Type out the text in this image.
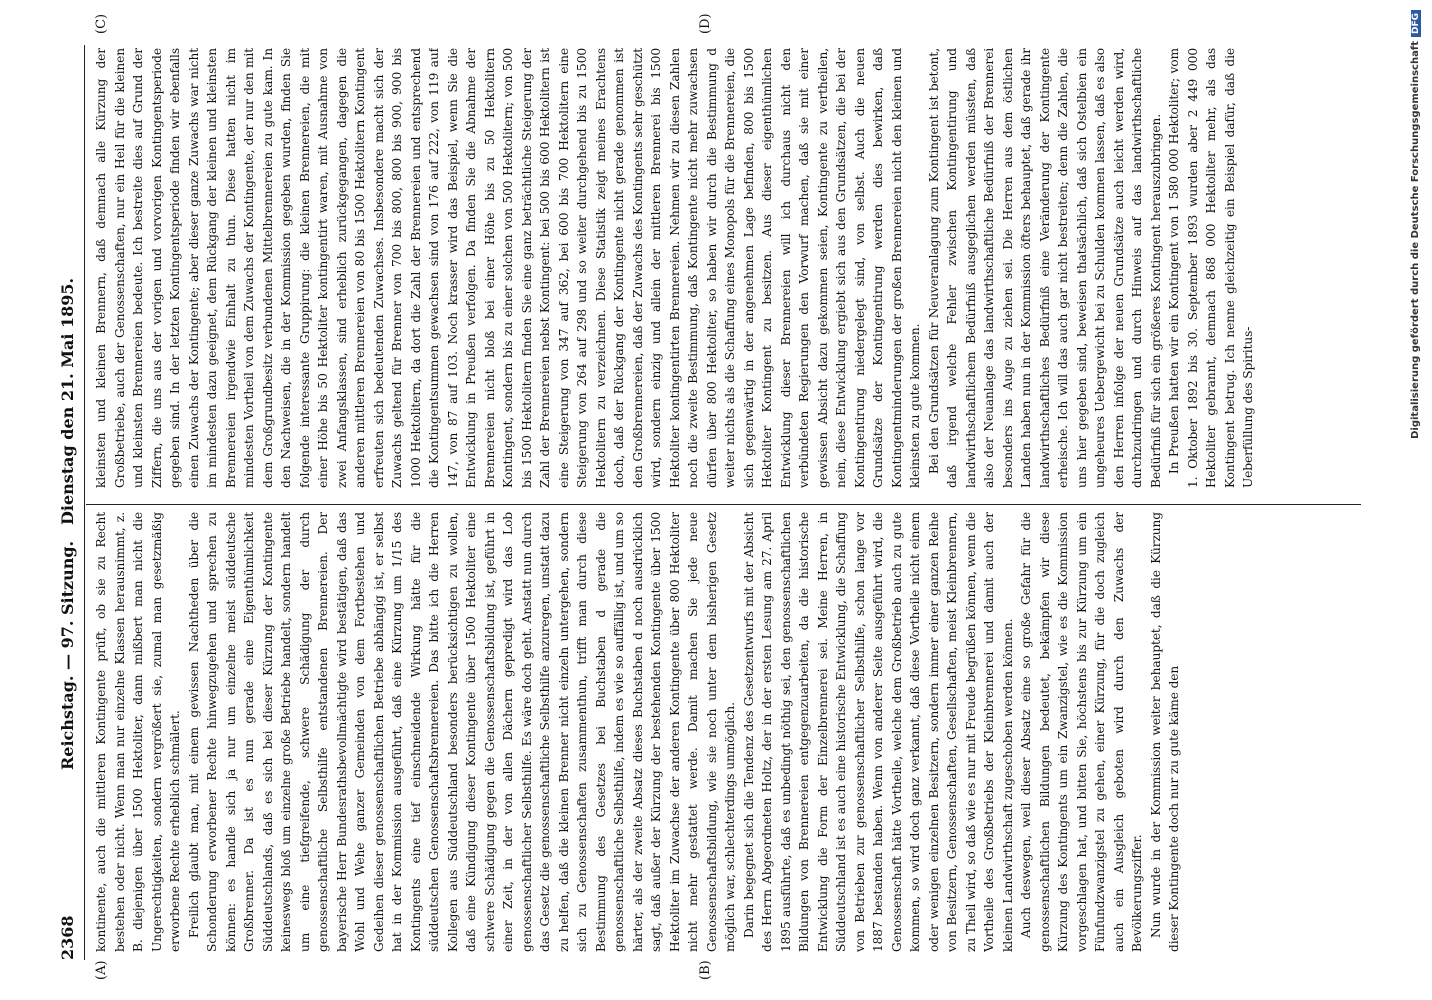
2368
Reichstag. — 97. Sitzung.
Dienstag den 21. Mai 1895.
(A)	(B)
(C)	(D)

kontinente, auch die mittleren Kontingente prüft, ob sie zu Recht bestehen oder nicht. Wenn man nur einzelne Klassen herausnimmt, z. B. diejenigen über 1500 Hektoliter, dann mißbert man nicht die Ungerechtigkeiten, sondern vergrößert sie, zumal man gesetzmäßig erworbene Rechte erheblich schmälert. Freilich glaubt man, mit einem gewissen Nachtheden über die Schonderung erworbener Rechte hinwegzugehen und sprechen zu können: es handle sich ja nur um einzelne meist süddeutsche Großbrenner. Da ist es nun gerade eine Eigenthümlichkeit Süddeutschlands, daß es sich bei dieser Kürzung der Kontingente keineswegs bloß um einzelne große Betriebe handelt, sondern handelt um eine tiefgreifende, schwere Schädigung der durch genossenschaftliche Selbsthilfe entstandenen Brennereien. Der bayerische Herr Bundesrathsbevollmächtigte wird bestätigen, daß das Wohl und Wehe ganzer Gemeinden von dem Fortbestehen und Gedeihen dieser genossenschaftlichen Betriebe abhängig ist, er selbst hat in der Kommission ausgeführt, daß eine Kürzung um 1/15 des Kontingents eine tief einschneidende Wirkung hätte für die süddeutschen Genossenschaftsbrennereien. Das bitte ich die Herren Kollegen aus Süddeutschland besonders berücksichtigen zu wollen, daß eine Kündigung dieser Kontingente über 1500 Hektoliter eine schwere Schädigung gegen die Genossenschaftsbildung ist, geführt in einer Zeit, in der von allen Dächern gepredigt wird das Lob genossenschaftlicher Selbsthilfe. Es wäre doch geht. Anstatt nun durch das Gesetz die genossenschaftliche Selbsthilfe anzuregen, unstatt dazu zu helfen, daß die kleinen Brenner nicht einzeln untergehen, sondern sich zu Genossenschaften zusammenthun, trifft man durch diese Bestimmung des Gesetzes bei Buchstaben d gerade die genossenschaftliche Selbsthilfe, indem es wie so auffällig ist, und um so härter, als der zweite Absatz dieses Buchstaben d noch ausdrücklich sagt, daß außer der Kürzung der bestehenden Kontingente über 1500 Hektoliter im Zuwachse der anderen Kontingente über 800 Hektoliter nicht mehr gestattet werde. Damit machen Sie jede neue Genossenschaftsbildung, wie sie noch unter dem bisherigen Gesetz möglich war, schlechterdings unmöglich. Darin begegnet sich die Tendenz des Gesetzentwurfs mit der Absicht des Herrn Abgeordneten Holtz, der in der ersten Lesung am 27. April 1895 ausführte, daß es unbedingt nöthig sei, den genossenschaftlichen Bildungen von Brennereien entgegenzuarbeiten, da die historische Entwicklung die Form der Einzelbrennerei sei. Meine Herren, in Süddeutschland ist es auch eine historische Entwicklung, die Schaffung von Betrieben zur genossenschaftlicher Selbsthilfe, schon lange vor 1887 bestanden haben. Wenn von anderer Seite ausgeführt wird, die Genossenschaft hätte Vortheile, welche dem Großbetrieb auch zu gute kommen, so wird doch ganz verkannt, daß diese Vortheile nicht einem oder wenigen einzelnen Besitzern, sondern immer einer ganzen Reihe von Besitzern, Genossenschaften, Gesellschaften, meist Kleinbrennern, zu Theil wird, so daß wie es nur mit Freude begrüßen können, wenn die Vortheile des Großbetriebs der Kleinbrennerei und damit auch der kleinen Landwirthschaft zugeschoben werden können. Auch deswegen, weil dieser Absatz eine so große Gefahr für die genossenschaftlichen Bildungen bedeutet, bekämpfen wir diese Kürzung des Kontingents um ein Zwanzigstel, wie es die Kommission vorgeschlagen hat, und bitten Sie, höchstens bis zur Kürzung um ein Fünfundzwanzigstel zu gehen, einer Kürzung, für die doch zugleich auch ein Ausgleich geboten wird durch den Zuwachs der Bevölkerungsziffer. Nun wurde in der Kommission weiter behauptet, daß die Kürzung dieser Kontingente doch nur zu gute käme den

kleinsten und kleinen Brennern, daß demnach alle Kürzung der Großbetriebe, auch der Genossenschaften, nur ein Heil für die kleinen und kleinsten Brennereien bedeute. Ich bestreite dies auf Grund der Ziffern, die uns aus der vorigen und vorvorigen Kontingentsperiode gegeben sind. In der letzten Kontingentsperiode finden wir ebenfalls einen Zuwachs der Kontingente; aber dieser ganze Zuwachs war nicht im mindesten dazu geeignet, dem Rückgang der kleinen und kleinsten Brennereien irgendwie Einhalt zu thun. Diese hatten nicht im mindesten Vortheil von dem Zuwachs der Kontingente, der nur den mit dem Großgrundbesitz verbundenen Mittelbrennereien zu gute kam. In den Nachweisen, die in der Kommission gegeben wurden, finden Sie folgende interessante Gruppirung: die kleinen Brennereien, die mit einer Höhe bis 50 Hektoliter kontingentirt waren, mit Ausnahme von zwei Anfangsklassen, sind erheblich zurückgegangen, dagegen die anderen mittleren Brennereien von 80 bis 1500 Hektolitern Kontingent erfreuten sich bedeutenden Zuwachses. Insbesondere macht sich der Zuwachs geltend für Brenner von 700 bis 800, 800 bis 900, 900 bis 1000 Hektolitern, da dort die Zahl der Brennereien und entsprechend die Kontingentsummen gewachsen sind von 176 auf 222, von 119 auf 147, von 87 auf 103. Noch krasser wird das Beispiel, wenn Sie die Entwicklung in Preußen verfolgen. Da finden Sie die Abnahme der Brennereien nicht bloß bei einer Höhe bis zu 50 Hektolitern Kontingent, sondern bis zu einer solchen von 500 Hektolitern; von 500 bis 1500 Hektolitern finden Sie eine ganz beträchtliche Steigerung der Zahl der Brennereien nebst Kontingent: bei 500 bis 600 Hektolitern ist eine Steigerung von 347 auf 362, bei 600 bis 700 Hektolitern eine Steigerung von 264 auf 298 und so weiter durchgehend bis zu 1500 Hektolitern zu verzeichnen. Diese Statistik zeigt meines Erachtens doch, daß der Rückgang der Kontingente nicht gerade genommen ist den Großbrennereien, daß der Zuwachs des Kontingents sehr geschützt wird, sondern einzig und allein der mittleren Brennerei bis 1500 Hektoliter kontingentirten Brennereien. Nehmen wir zu diesen Zahlen noch die zweite Bestimmung, daß Kontingente nicht mehr zuwachsen dürfen über 800 Hektoliter, so haben wir durch die Bestimmung d weiter nichts als die Schaffung eines Monopols für die Brennereien, die sich gegenwärtig in der angenehmen Lage befinden, 800 bis 1500 Hektoliter Kontingent zu besitzen. Aus dieser eigenthümlichen Entwicklung dieser Brennereien will ich durchaus nicht den verbündeten Regierungen den Vorwurf machen, daß sie mit einer gewissen Absicht dazu gekommen seien, Kontingente zu vertheilen, nein, diese Entwicklung ergiebt sich aus den Grundsätzen, die bei der Kontingentirung niedergelegt sind, von selbst. Auch die neuen Grundsätze der Kontingentirung werden dies bewirken, daß Kontingentminderungen der großen Brennereien nicht den kleinen und kleinsten zu gute kommen. Bei den Grundsätzen für Neuveranlagung zum Kontingent ist betont, daß irgend welche Fehler zwischen Kontingentirung und landwirthschaftlichem Bedürfniß ausgeglichen werden müssten, daß also der Neuanlage das landwirthschaftliche Bedürfniß der Brennerei besonders ins Auge zu ziehen sei. Die Herren aus dem östlichen Landen haben nun in der Kommission öfters behauptet, daß gerade ihr landwirthschaftliches Bedürfniß eine Veränderung der Kontingente erheische. Ich will das auch gar nicht bestreiten; denn die Zahlen, die uns hier gegeben sind, beweisen thatsächlich, daß sich Ostelbien ein ungeheures Uebergewicht bei zu Schulden kommen lassen, daß es also den Herren infolge der neuen Grundsätze auch leicht werden wird, durchzudringen und durch Hinweis auf das landwirthschaftliche Bedürfniß für sich ein größeres Kontingent herauszubringen. In Preußen hatten wir ein Kontingent von 1 580 000 Hektoliter; vom 1. Oktober 1892 bis 30. September 1893 wurden aber 2 449 000 Hektoliter gebrannt, demnach 868 000 Hektoliter mehr, als das Kontingent betrug. Ich nenne gleichzeitig ein Beispiel dafür, daß die Ueberfüllung des Spiritus-	Digitalisierung gefördert durch die Deutsche ForschungsgemeinschaftDFG
